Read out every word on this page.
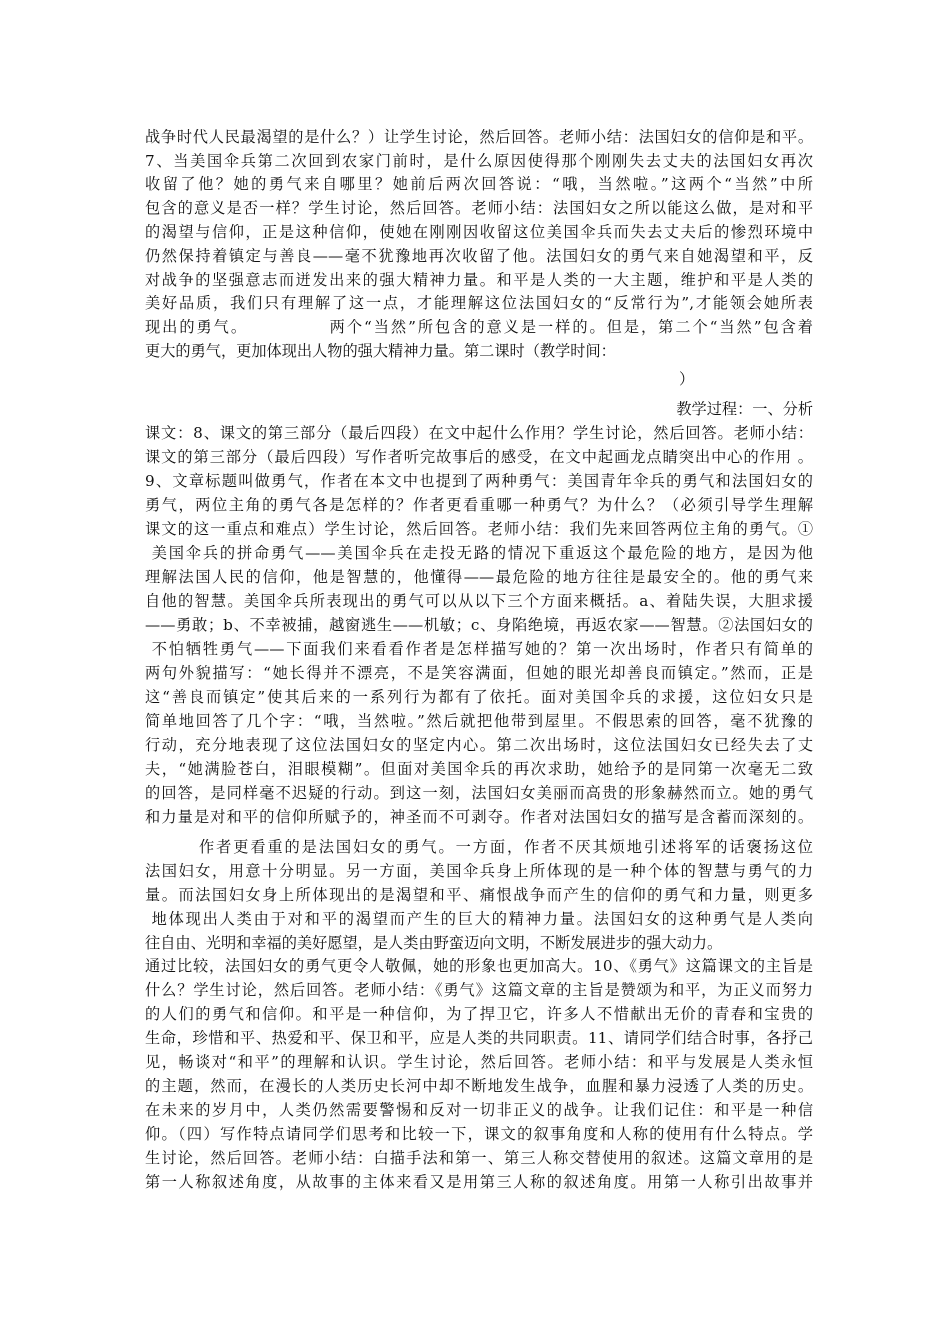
战争时代人民最渴望的是什么？）让学生讨论，然后回答。老师小结：法国妇女的信仰是和平。
7、当美国伞兵第二次回到农家门前时，是什么原因使得那个刚刚失去丈夫的法国妇女再次
收留了他？她的勇气来自哪里？她前后两次回答说：“哦，当然啦。”这两个“当然”中所
包含的意义是否一样？学生讨论，然后回答。老师小结：法国妇女之所以能这么做，是对和平
的渴望与信仰，正是这种信仰，使她在刚刚因收留这位美国伞兵而失去丈夫后的惨烈环境中
仍然保持着镇定与善良——毫不犹豫地再次收留了他。法国妇女的勇气来自她渴望和平，反
对战争的坚强意志而迸发出来的强大精神力量。和平是人类的一大主题，维护和平是人类的
美好品质，我们只有理解了这一点，才能理解这位法国妇女的“反常行为”,才能领会她所表
现出的勇气。            两个“当然”所包含的意义是一样的。但是，第二个“当然”包含着
更大的勇气，更加体现出人物的强大精神力量。第二课时（教学时间：
）
教学过程：一、分析
课文：8、课文的第三部分（最后四段）在文中起什么作用？学生讨论，然后回答。老师小结：
课文的第三部分（最后四段）写作者听完故事后的感受，在文中起画龙点睛突出中心的作用 。
9、文章标题叫做勇气，作者在本文中也提到了两种勇气：美国青年伞兵的勇气和法国妇女的
勇气，两位主角的勇气各是怎样的？作者更看重哪一种勇气？为什么？（必须引导学生理解
课文的这一重点和难点）学生讨论，然后回答。老师小结：我们先来回答两位主角的勇气。①
美国伞兵的拼命勇气——美国伞兵在走投无路的情况下重返这个最危险的地方，是因为他
理解法国人民的信仰，他是智慧的，他懂得——最危险的地方往往是最安全的。他的勇气来
自他的智慧。美国伞兵所表现出的勇气可以从以下三个方面来概括。a、着陆失误，大胆求援
——勇敢；b、不幸被捕，越窗逃生——机敏；c、身陷绝境，再返农家——智慧。②法国妇女的
不怕牺牲勇气——下面我们来看看作者是怎样描写她的？第一次出场时，作者只有简单的
两句外貌描写：“她长得并不漂亮，不是笑容满面，但她的眼光却善良而镇定。”然而，正是
这“善良而镇定”使其后来的一系列行为都有了依托。面对美国伞兵的求援，这位妇女只是
简单地回答了几个字：“哦，当然啦。”然后就把他带到屋里。不假思索的回答，毫不犹豫的
行动，充分地表现了这位法国妇女的坚定内心。第二次出场时，这位法国妇女已经失去了丈
夫，“她满脸苍白，泪眼模糊”。但面对美国伞兵的再次求助，她给予的是同第一次毫无二致
的回答，是同样毫不迟疑的行动。到这一刻，法国妇女美丽而高贵的形象赫然而立。她的勇气
和力量是对和平的信仰所赋予的，神圣而不可剥夺。作者对法国妇女的描写是含蓄而深刻的。
作者更看重的是法国妇女的勇气。一方面，作者不厌其烦地引述将军的话褒扬这位
法国妇女，用意十分明显。另一方面，美国伞兵身上所体现的是一种个体的智慧与勇气的力
量。而法国妇女身上所体现出的是渴望和平、痛恨战争而产生的信仰的勇气和力量，则更多
地体现出人类由于对和平的渴望而产生的巨大的精神力量。法国妇女的这种勇气是人类向
往自由、光明和幸福的美好愿望，是人类由野蛮迈向文明，不断发展进步的强大动力。
通过比较，法国妇女的勇气更令人敬佩，她的形象也更加高大。10、《勇气》这篇课文的主旨是
什么？学生讨论，然后回答。老师小结：《勇气》这篇文章的主旨是赞颂为和平，为正义而努力
的人们的勇气和信仰。和平是一种信仰，为了捍卫它，许多人不惜献出无价的青春和宝贵的
生命，珍惜和平、热爱和平、保卫和平，应是人类的共同职责。11、请同学们结合时事，各抒己
见，畅谈对“和平”的理解和认识。学生讨论，然后回答。老师小结：和平与发展是人类永恒
的主题，然而，在漫长的人类历史长河中却不断地发生战争，血腥和暴力浸透了人类的历史。
在未来的岁月中，人类仍然需要警惕和反对一切非正义的战争。让我们记住：和平是一种信
仰。（四）写作特点请同学们思考和比较一下，课文的叙事角度和人称的使用有什么特点。学
生讨论，然后回答。老师小结：白描手法和第一、第三人称交替使用的叙述。这篇文章用的是
第一人称叙述角度，从故事的主体来看又是用第三人称的叙述角度。用第一人称引出故事并
